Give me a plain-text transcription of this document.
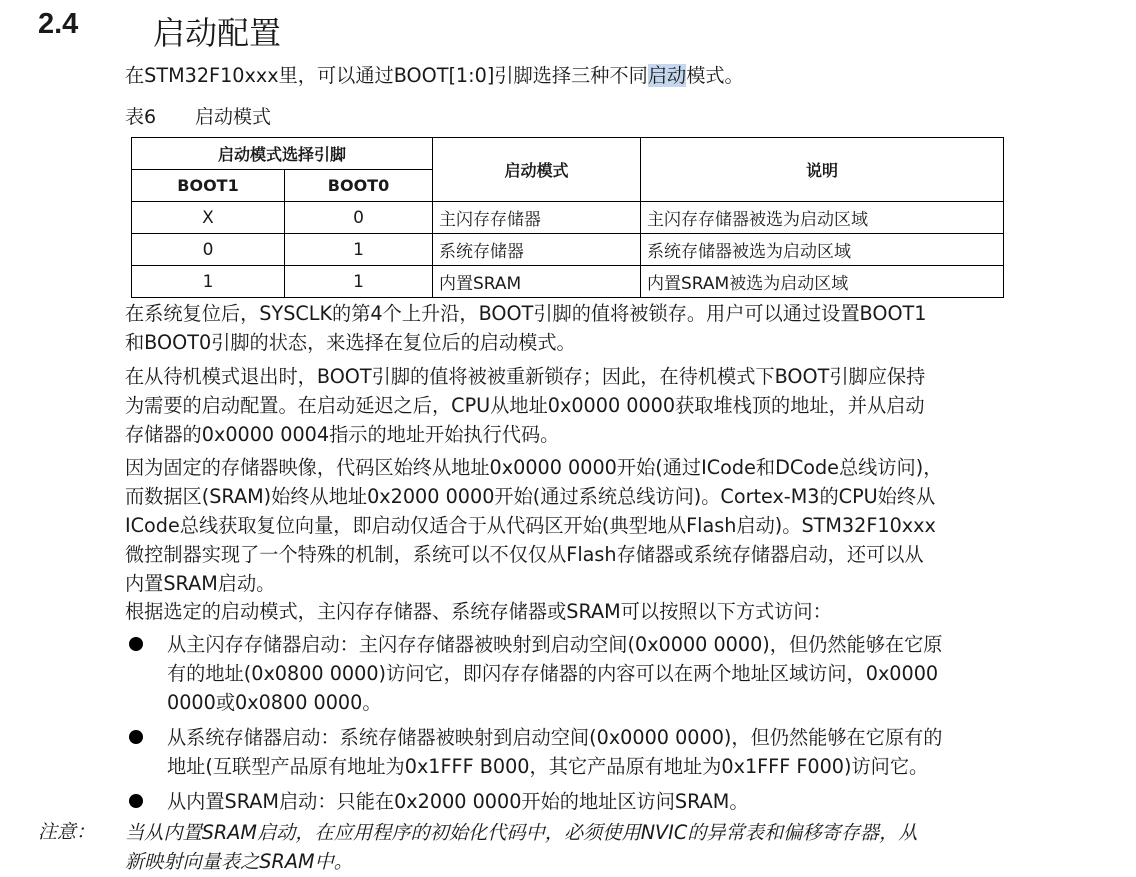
2.4 启动配置
在STM32F10xxx里，可以通过BOOT[1:0]引脚选择三种不同启动模式。
表6 启动模式
启动模式选择引脚		启动模式	说明
BOOT1	BOOT0		
X	0	主闪存存储器	主闪存存储器被选为启动区域
0	1	系统存储器	系统存储器被选为启动区域
1	1	内置SRAM	内置SRAM被选为启动区域
在系统复位后，SYSCLK的第4个上升沿，BOOT引脚的值将被锁存。用户可以通过设置BOOT1
和BOOT0引脚的状态，来选择在复位后的启动模式。
在从待机模式退出时，BOOT引脚的值将被被重新锁存；因此，在待机模式下BOOT引脚应保持
为需要的启动配置。在启动延迟之后，CPU从地址0x0000 0000获取堆栈顶的地址，并从启动
存储器的0x0000 0004指示的地址开始执行代码。
因为固定的存储器映像，代码区始终从地址0x0000 0000开始(通过ICode和DCode总线访问)，
而数据区(SRAM)始终从地址0x2000 0000开始(通过系统总线访问)。Cortex-M3的CPU始终从
ICode总线获取复位向量，即启动仅适合于从代码区开始(典型地从Flash启动)。STM32F10xxx
微控制器实现了一个特殊的机制，系统可以不仅仅从Flash存储器或系统存储器启动，还可以从
内置SRAM启动。
根据选定的启动模式，主闪存存储器、系统存储器或SRAM可以按照以下方式访问：
从主闪存存储器启动：主闪存存储器被映射到启动空间(0x0000 0000)，但仍然能够在它原
有的地址(0x0800 0000)访问它，即闪存存储器的内容可以在两个地址区域访问，0x0000
0000或0x0800 0000。
从系统存储器启动：系统存储器被映射到启动空间(0x0000 0000)，但仍然能够在它原有的
地址(互联型产品原有地址为0x1FFF B000，其它产品原有地址为0x1FFF F000)访问它。
从内置SRAM启动：只能在0x2000 0000开始的地址区访问SRAM。
注意： 当从内置SRAM启动，在应用程序的初始化代码中，必须使用NVIC的异常表和偏移寄存器，从
新映射向量表之SRAM中。
